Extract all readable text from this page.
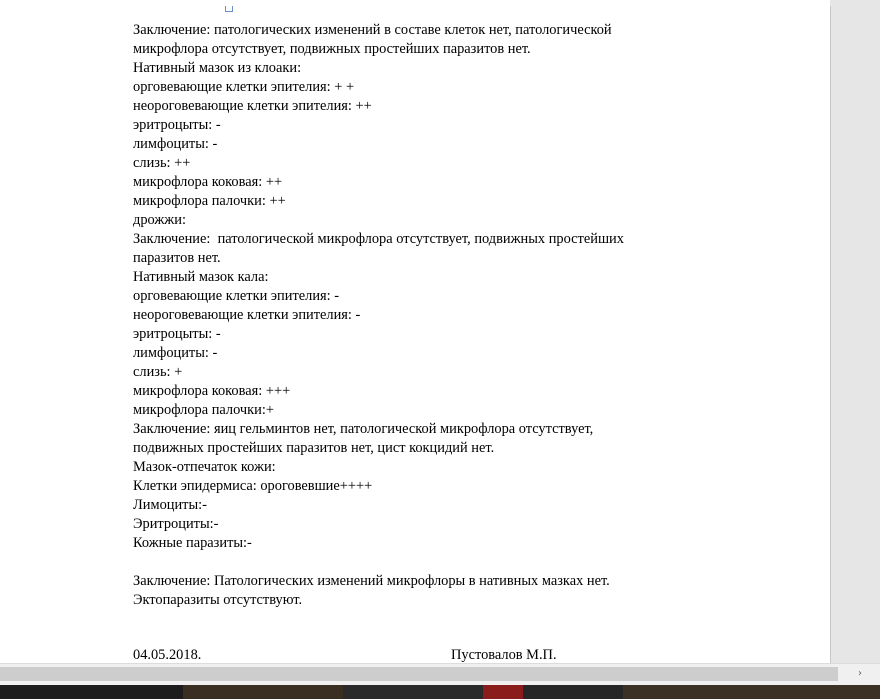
Заключение: патологических изменений в составе клеток нет, патологической
микрофлора отсутствует, подвижных простейших паразитов нет.
Нативный мазок из клоаки:
орговевающие клетки эпителия: + +
неороговевающие клетки эпителия: ++
эритроцыты: -
лимфоциты: -
слизь: ++
микрофлора коковая: ++
микрофлора палочки: ++
дрожжи:
Заключение:  патологической микрофлора отсутствует, подвижных простейших
паразитов нет.
Нативный мазок кала:
орговевающие клетки эпителия: -
неороговевающие клетки эпителия: -
эритроцыты: -
лимфоциты: -
слизь: +
микрофлора коковая: +++
микрофлора палочки:+
Заключение: яиц гельминтов нет, патологической микрофлора отсутствует,
подвижных простейших паразитов нет, цист кокцидий нет.
Мазок-отпечаток кожи:
Клетки эпидермиса: ороговевшие++++
Лимоциты:-
Эритроциты:-
Кожные паразиты:-
Заключение: Патологических изменений микрофлоры в нативных мазках нет.
Эктопаразиты отсутствуют.
04.05.2018.	Пустовалов М.П.
›
